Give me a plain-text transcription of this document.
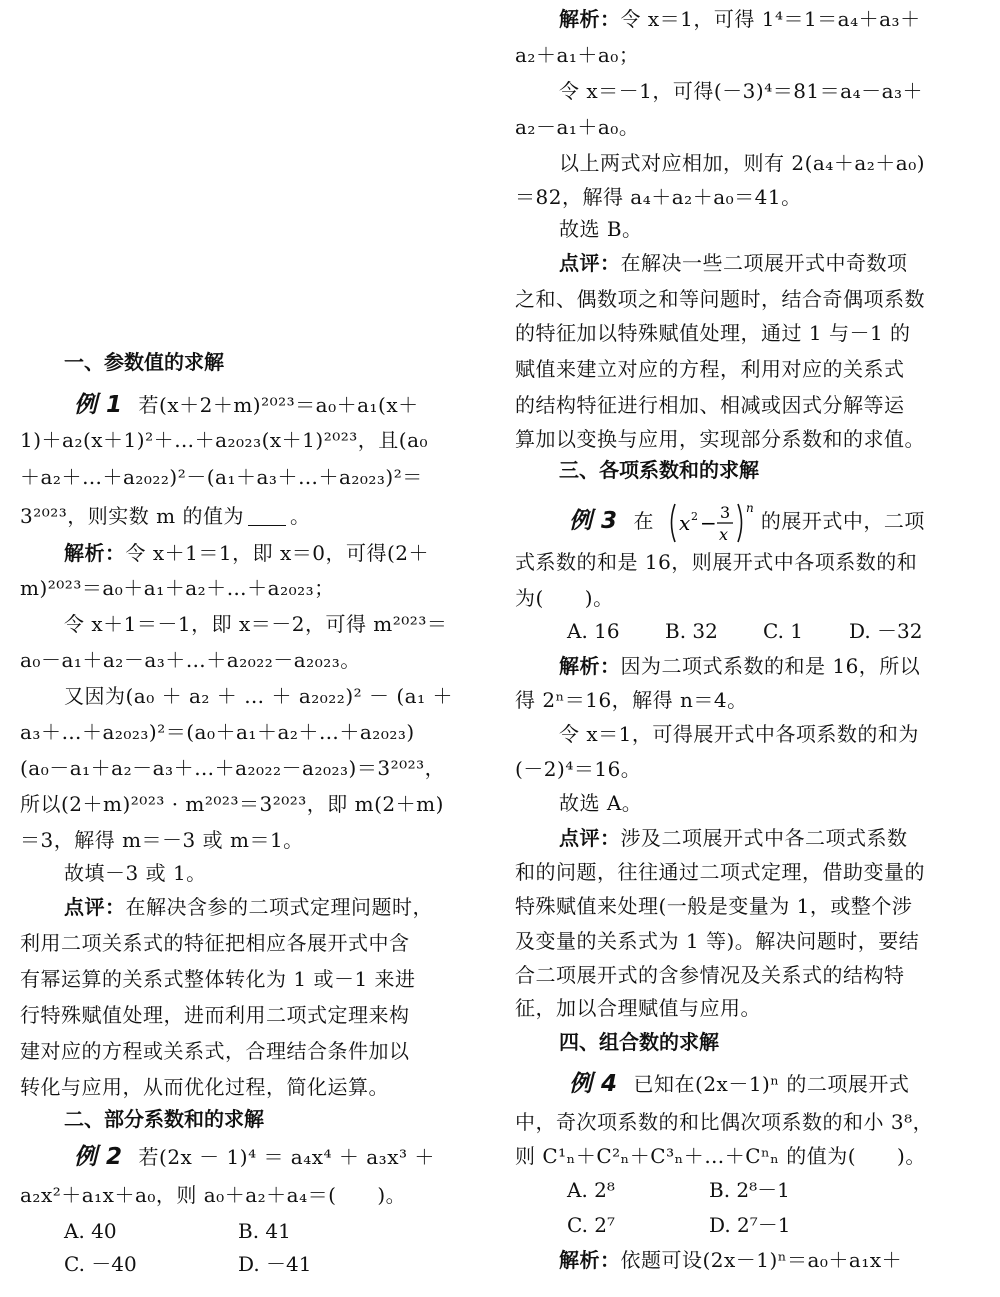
一、参数值的求解
例 1 若(x＋2＋m)²⁰²³＝a₀＋a₁(x＋
1)＋a₂(x＋1)²＋…＋a₂₀₂₃(x＋1)²⁰²³，且(a₀
＋a₂＋…＋a₂₀₂₂)²－(a₁＋a₃＋…＋a₂₀₂₃)²＝
3²⁰²³，则实数 m 的值为 。
解析：令 x＋1＝1，即 x＝0，可得(2＋
m)²⁰²³＝a₀＋a₁＋a₂＋…＋a₂₀₂₃；
令 x＋1＝－1，即 x＝－2，可得 m²⁰²³＝
a₀－a₁＋a₂－a₃＋…＋a₂₀₂₂－a₂₀₂₃。
又因为(a₀ ＋ a₂ ＋ … ＋ a₂₀₂₂)² － (a₁ ＋
a₃＋…＋a₂₀₂₃)²＝(a₀＋a₁＋a₂＋…＋a₂₀₂₃)
(a₀－a₁＋a₂－a₃＋…＋a₂₀₂₂－a₂₀₂₃)＝3²⁰²³，
所以(2＋m)²⁰²³ · m²⁰²³＝3²⁰²³，即 m(2＋m)
＝3，解得 m＝－3 或 m＝1。
故填－3 或 1。
点评：在解决含参的二项式定理问题时，
利用二项关系式的特征把相应各展开式中含
有幂运算的关系式整体转化为 1 或－1 来进
行特殊赋值处理，进而利用二项式定理来构
建对应的方程或关系式，合理结合条件加以
转化与应用，从而优化过程，简化运算。
二、部分系数和的求解
例 2 若(2x － 1)⁴ ＝ a₄x⁴ ＋ a₃x³ ＋
a₂x²＋a₁x＋a₀，则 a₀＋a₂＋a₄＝(　　)。
A. 40	B. 41
C. －40	D. －41
解析：令 x＝1，可得 1⁴＝1＝a₄＋a₃＋
a₂＋a₁＋a₀；
令 x＝－1，可得(－3)⁴＝81＝a₄－a₃＋
a₂－a₁＋a₀。
以上两式对应相加，则有 2(a₄＋a₂＋a₀)
＝82，解得 a₄＋a₂＋a₀＝41。
故选 B。
点评：在解决一些二项展开式中奇数项
之和、偶数项之和等问题时，结合奇偶项系数
的特征加以特殊赋值处理，通过 1 与－1 的
赋值来建立对应的方程，利用对应的关系式
的结构特征进行相加、相减或因式分解等运
算加以变换与应用，实现部分系数和的求值。
三、各项系数和的求解
例 3 在 x 2 − 3
x
n
的展开式中，二项
式系数的和是 16，则展开式中各项系数的和
为(　　)。
A. 16 B. 32 C. 1 D. －32
解析：因为二项式系数的和是 16，所以
得 2ⁿ＝16，解得 n＝4。
令 x＝1，可得展开式中各项系数的和为
(－2)⁴＝16。
故选 A。
点评：涉及二项展开式中各二项式系数
和的问题，往往通过二项式定理，借助变量的
特殊赋值来处理(一般是变量为 1，或整个涉
及变量的关系式为 1 等)。解决问题时，要结
合二项展开式的含参情况及关系式的结构特
征，加以合理赋值与应用。
四、组合数的求解
例 4 已知在(2x－1)ⁿ 的二项展开式
中，奇次项系数的和比偶次项系数的和小 3⁸，
则 C¹ₙ＋C²ₙ＋C³ₙ＋…＋Cⁿₙ 的值为(　　)。
A. 2⁸	B. 2⁸－1
C. 2⁷	D. 2⁷－1
解析：依题可设(2x－1)ⁿ＝a₀＋a₁x＋
